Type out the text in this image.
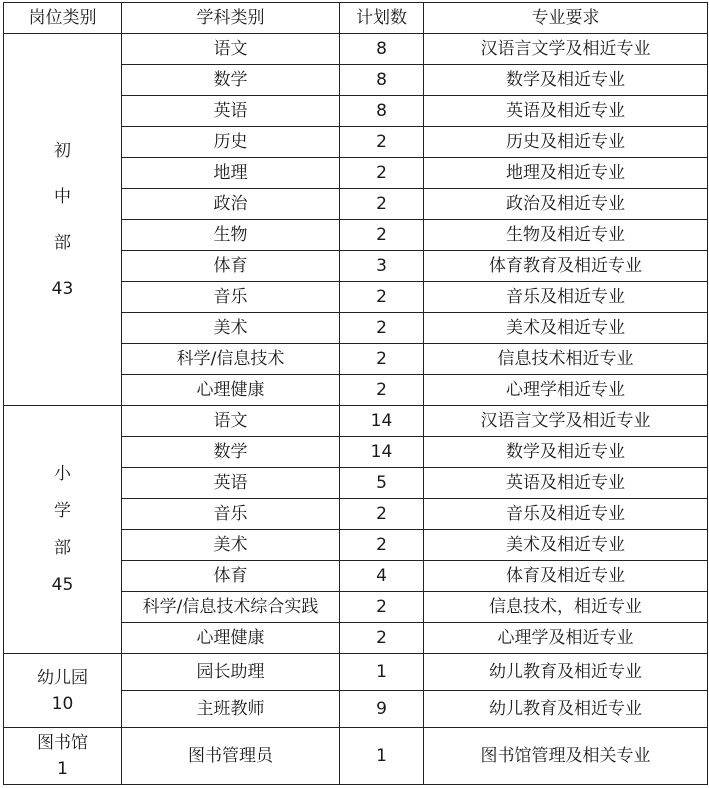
岗位类别	学科类别	计划数	专业要求

初
中
部
43	语文	8	汉语言文学及相近专业
	数学	8	数学及相近专业
	英语	8	英语及相近专业
	历史	2	历史及相近专业
	地理	2	地理及相近专业
	政治	2	政治及相近专业
	生物	2	生物及相近专业
	体育	3	体育教育及相近专业
	音乐	2	音乐及相近专业
	美术	2	美术及相近专业
	科学/信息技术	2	信息技术相近专业
	心理健康	2	心理学相近专业

小
学
部
45	语文	14	汉语言文学及相近专业
	数学	14	数学及相近专业
	英语	5	英语及相近专业
	音乐	2	音乐及相近专业
	美术	2	美术及相近专业
	体育	4	体育及相近专业
	科学/信息技术综合实践	2	信息技术，相近专业
	心理健康	2	心理学及相近专业

幼儿园
10	园长助理	1	幼儿教育及相近专业
	主班教师	9	幼儿教育及相近专业

图书馆
1	图书管理员	1	图书馆管理及相关专业
